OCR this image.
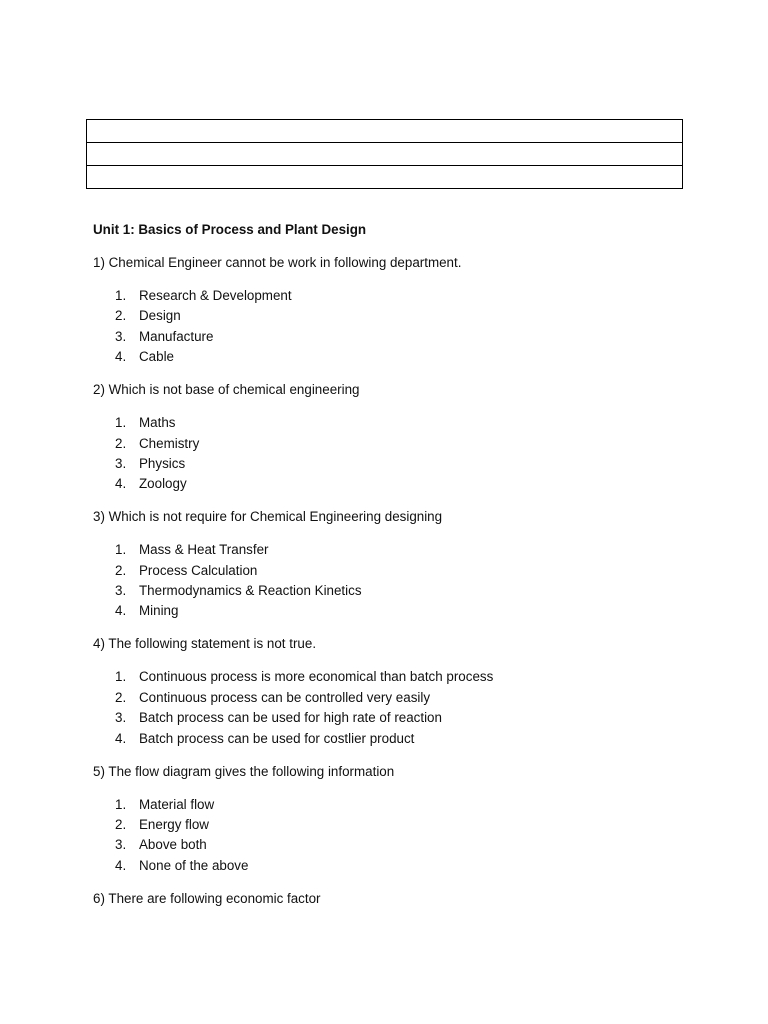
Unit 1: Basics of Process and Plant Design
1) Chemical Engineer cannot be work in following department.
1. Research & Development
2. Design
3. Manufacture
4. Cable
2) Which is not base of chemical engineering
1. Maths
2. Chemistry
3. Physics
4. Zoology
3) Which is not require for Chemical Engineering designing
1. Mass & Heat Transfer
2. Process Calculation
3. Thermodynamics & Reaction Kinetics
4. Mining
4) The following statement is not true.
1. Continuous process is more economical than batch process
2. Continuous process can be controlled very easily
3. Batch process can be used for high rate of reaction
4. Batch process can be used for costlier product
5) The flow diagram gives the following information
1. Material flow
2. Energy flow
3. Above both
4. None of the above
6) There are following economic factor
